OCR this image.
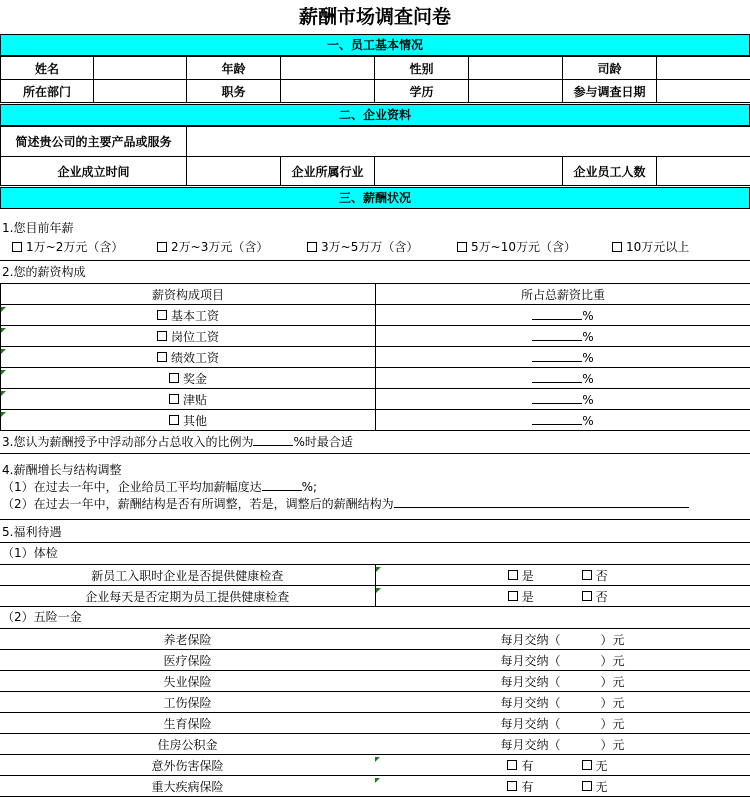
薪酬市场调查问卷
一、员工基本情况
姓名		年龄		性别		司龄	
所在部门		职务		学历		参与调查日期	
二、企业资料
简述贵公司的主要产品或服务					
企业成立时间		企业所属行业		企业员工人数	
三、薪酬状况
1.您目前年薪
1万~2万元（含）	2万~3万元（含）	3万~5万万（含）	5万~10万元（含）	10万元以上
2.您的薪资构成
薪资构成项目	所占总薪资比重

基本工资	%

岗位工资	%

绩效工资	%

奖金	%

津贴	%

其他	%
3.您认为薪酬授予中浮动部分占总收入的比例为	%时最合适
4.薪酬增长与结构调整
（1）在过去一年中，企业给员工平均加薪幅度达	%;
（2）在过去一年中，薪酬结构是否有所调整，若是，调整后的薪酬结构为
5.福利待遇
（1）体检
新员工入职时企业是否提供健康检查	是 否
企业每天是否定期为员工提供健康检查	是 否
（2）五险一金
养老保险	每月交纳（ ）元
医疗保险	每月交纳（ ）元
失业保险	每月交纳（ ）元
工伤保险	每月交纳（ ）元
生育保险	每月交纳（ ）元
住房公积金	每月交纳（ ）元
意外伤害保险	有 无
重大疾病保险	有 无
